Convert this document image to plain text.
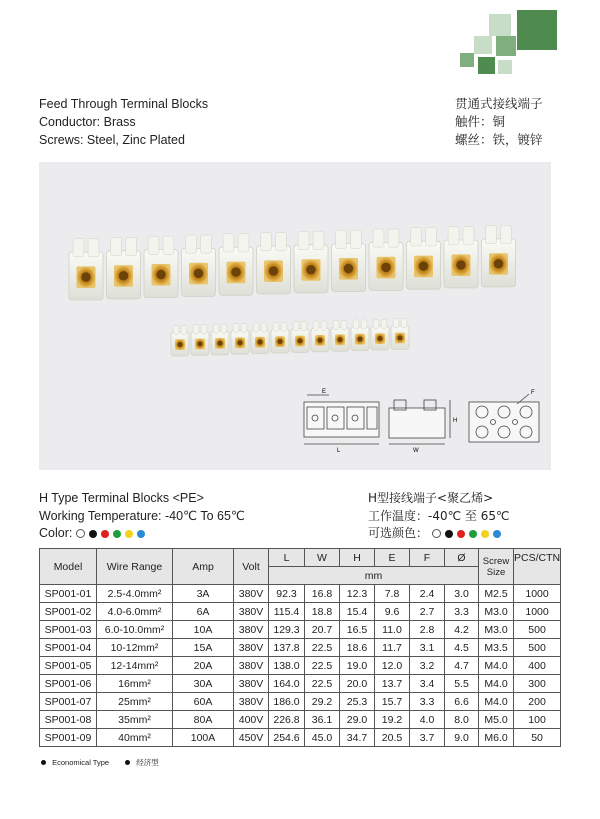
Feed Through Terminal Blocks
Conductor: Brass
Screws: Steel, Zinc Plated
贯通式接线端子
触件：铜
螺丝：铁，镀锌
E
L
H
W
F
H Type Terminal Blocks <PE>
Working Temperature: -40℃ To 65℃
Color:
H型接线端子<聚乙烯>
工作温度：-40℃ 至 65℃
可选颜色：
Model	Wire Range	Amp	Volt	L	W	H	E	F	Ø	Screw Size	PCS/CTN
				mm							
SP001-01	2.5-4.0mm²	3A	380V	92.3	16.8	12.3	7.8	2.4	3.0	M2.5	1000
SP001-02	4.0-6.0mm²	6A	380V	115.4	18.8	15.4	9.6	2.7	3.3	M3.0	1000
SP001-03	6.0-10.0mm²	10A	380V	129.3	20.7	16.5	11.0	2.8	4.2	M3.0	500
SP001-04	10-12mm²	15A	380V	137.8	22.5	18.6	11.7	3.1	4.5	M3.5	500
SP001-05	12-14mm²	20A	380V	138.0	22.5	19.0	12.0	3.2	4.7	M4.0	400
SP001-06	16mm²	30A	380V	164.0	22.5	20.0	13.7	3.4	5.5	M4.0	300
SP001-07	25mm²	60A	380V	186.0	29.2	25.3	15.7	3.3	6.6	M4.0	200
SP001-08	35mm²	80A	400V	226.8	36.1	29.0	19.2	4.0	8.0	M5.0	100
SP001-09	40mm²	100A	450V	254.6	45.0	34.7	20.5	3.7	9.0	M6.0	50
Economical Type	经济型
